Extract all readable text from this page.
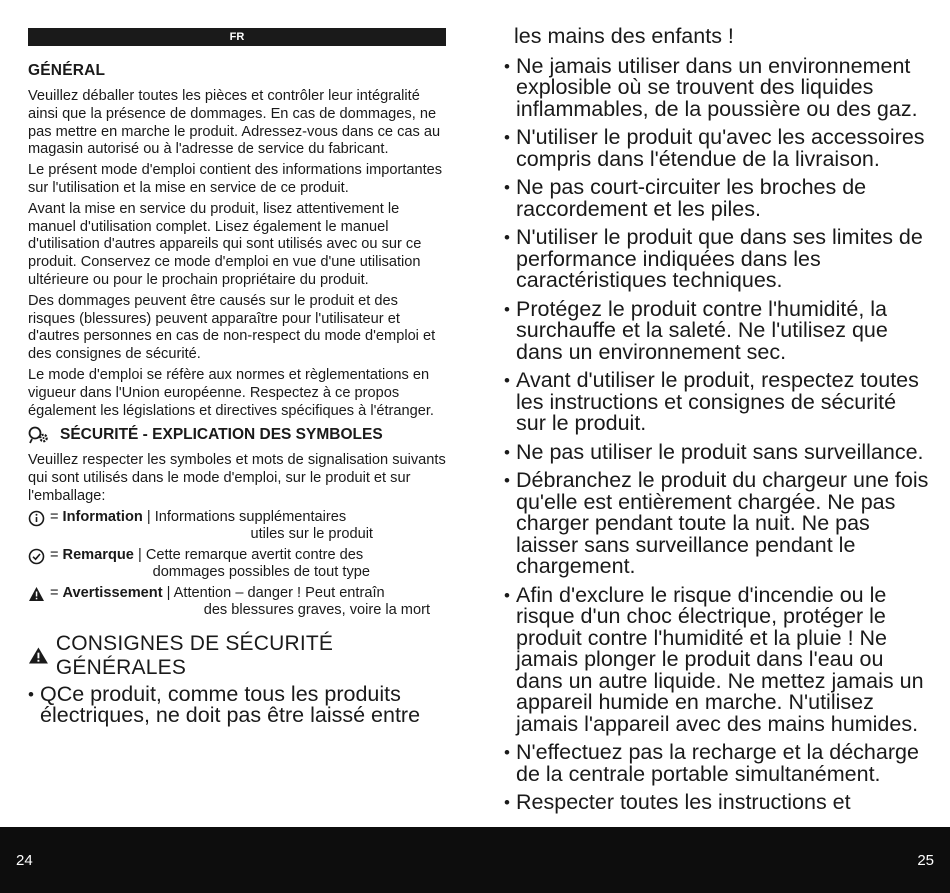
FR
GÉNÉRAL

Veuillez déballer toutes les pièces et contrôler leur intégralité ainsi que la présence de dommages. En cas de dommages, ne pas mettre en marche le produit. Adressez-vous dans ce cas au magasin autorisé ou à l'adresse de service du fabricant.

Le présent mode d'emploi contient des informations importantes sur l'utilisation et la mise en service de ce produit.

Avant la mise en service du produit, lisez attentivement le manuel d'utilisation complet. Lisez également le manuel d'utilisation d'autres appareils qui sont utilisés avec ou sur ce produit. Conservez ce mode d'emploi en vue d'une utilisation ultérieure ou pour le prochain propriétaire du produit.

Des dommages peuvent être causés sur le produit et des risques (blessures) peuvent apparaître pour l'utilisateur et d'autres personnes en cas de non-respect du mode d'emploi et des consignes de sécurité.

Le mode d'emploi se réfère aux normes et règlementations en vigueur dans l'Union européenne. Respectez à ce propos également les législations et directives spécifiques à l'étranger.

SÉCURITÉ - EXPLICATION DES SYMBOLES

Veuillez respecter les symboles et mots de signalisation suivants qui sont utilisés dans le mode d'emploi, sur le produit et sur l'emballage:

= Information | Informations supplémentaires
utiles sur le produit
= Remarque | Cette remarque avertit contre des
dommages possibles de tout type
= Avertissement | Attention – danger ! Peut entraîn
des blessures graves, voire la mort
CONSIGNES DE SÉCURITÉ GÉNÉRALES
• QCe produit, comme tous les produits électriques, ne doit pas être laissé entre

les mains des enfants !

• Ne jamais utiliser dans un environnement explosible où se trouvent des liquides inflammables, de la poussière ou des gaz.
• N'utiliser le produit qu'avec les accessoires compris dans l'étendue de la livraison.
• Ne pas court-circuiter les broches de raccordement et les piles.
• N'utiliser le produit que dans ses limites de performance indiquées dans les caractéristiques techniques.
• Protégez le produit contre l'humidité, la surchauffe et la saleté. Ne l'utilisez que dans un environnement sec.
• Avant d'utiliser le produit, respectez toutes les instructions et consignes de sécurité sur le produit.
• Ne pas utiliser le produit sans surveillance.
• Débranchez le produit du chargeur une fois qu'elle est entièrement chargée. Ne pas charger pendant toute la nuit. Ne pas laisser sans surveillance pendant le chargement.
• Afin d'exclure le risque d'incendie ou le risque d'un choc électrique, protéger le produit contre l'humidité et la pluie ! Ne jamais plonger le produit dans l'eau ou dans un autre liquide. Ne mettez jamais un appareil humide en marche. N'utilisez jamais l'appareil avec des mains humides.
• N'effectuez pas la recharge et la décharge de la centrale portable simultanément.
• Respecter toutes les instructions et
24	25
